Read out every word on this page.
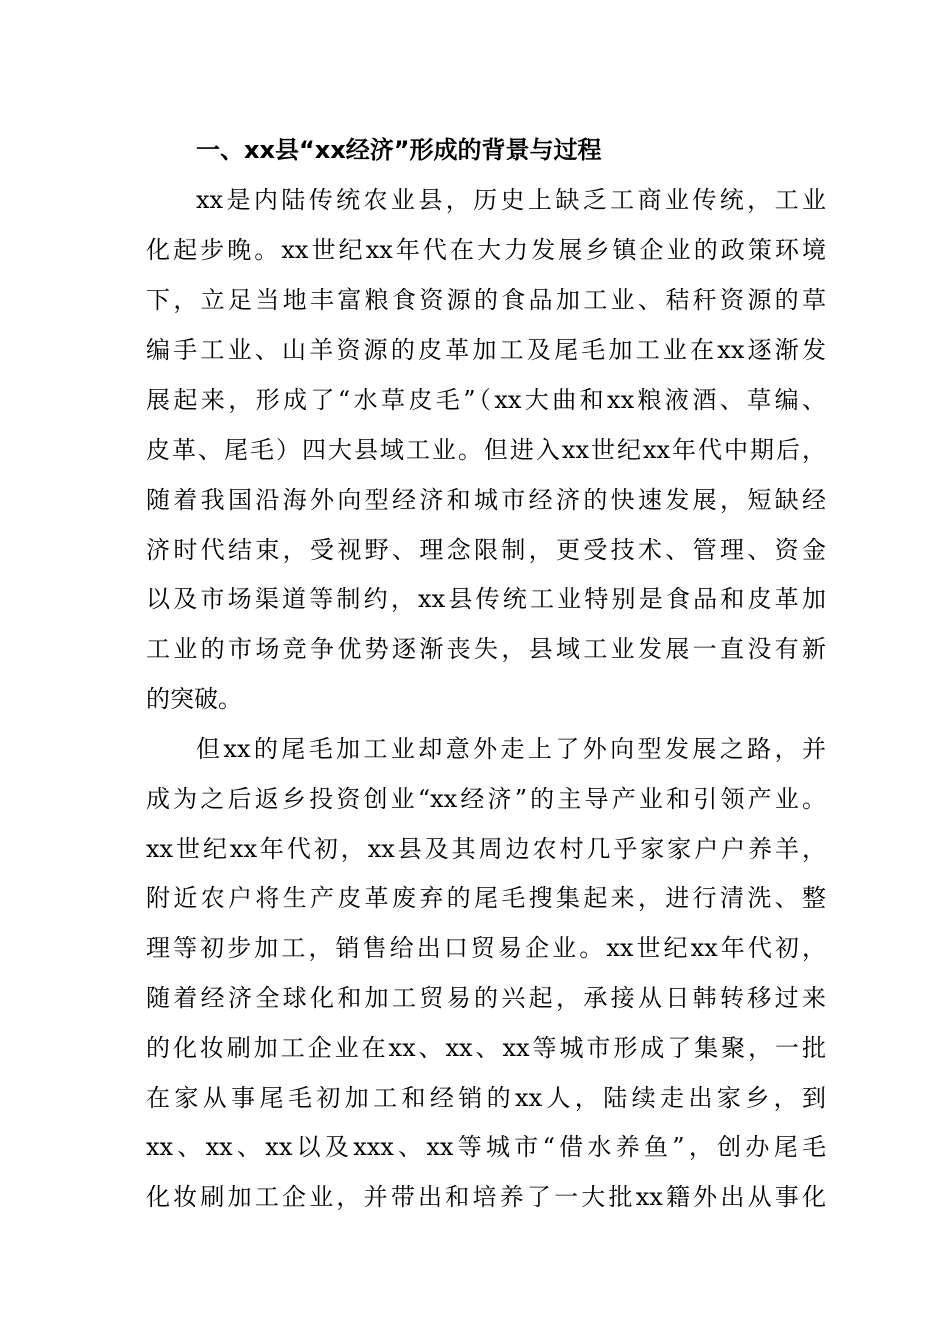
一、xx县“xx经济”形成的背景与过程
xx是内陆传统农业县，历史上缺乏工商业传统，工业
化起步晚。xx世纪xx年代在大力发展乡镇企业的政策环境
下，立足当地丰富粮食资源的食品加工业、秸秆资源的草
编手工业、山羊资源的皮革加工及尾毛加工业在xx逐渐发
展起来，形成了“水草皮毛”（xx大曲和xx粮液酒、草编、
皮革、尾毛）四大县域工业。但进入xx世纪xx年代中期后，
随着我国沿海外向型经济和城市经济的快速发展，短缺经
济时代结束，受视野、理念限制，更受技术、管理、资金
以及市场渠道等制约，xx县传统工业特别是食品和皮革加
工业的市场竞争优势逐渐丧失，县域工业发展一直没有新
的突破。
但xx的尾毛加工业却意外走上了外向型发展之路，并
成为之后返乡投资创业“xx经济”的主导产业和引领产业。
xx世纪xx年代初，xx县及其周边农村几乎家家户户养羊，
附近农户将生产皮革废弃的尾毛搜集起来，进行清洗、整
理等初步加工，销售给出口贸易企业。xx世纪xx年代初，
随着经济全球化和加工贸易的兴起，承接从日韩转移过来
的化妆刷加工企业在xx、xx、xx等城市形成了集聚，一批
在家从事尾毛初加工和经销的xx人，陆续走出家乡，到
xx、xx、xx以及xxx、xx等城市“借水养鱼”，创办尾毛
化妆刷加工企业，并带出和培养了一大批xx籍外出从事化
